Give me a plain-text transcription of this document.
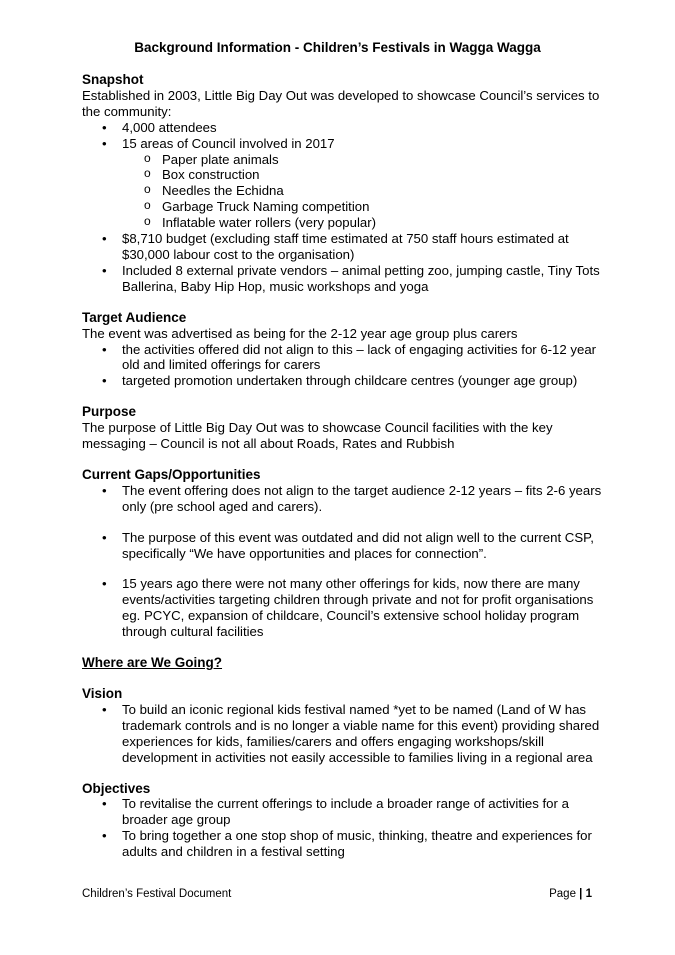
Background Information - Children’s Festivals in Wagga Wagga
Snapshot

Established in 2003, Little Big Day Out was developed to showcase Council’s services to the community:

• 4,000 attendees
• 15 areas of Council involved in 2017
o Paper plate animals
o Box construction
o Needles the Echidna
o Garbage Truck Naming competition
o Inflatable water rollers (very popular)
• $8,710 budget (excluding staff time estimated at 750 staff hours estimated at $30,000 labour cost to the organisation)
• Included 8 external private vendors – animal petting zoo, jumping castle, Tiny Tots Ballerina, Baby Hip Hop, music workshops and yoga
Target Audience

The event was advertised as being for the 2-12 year age group plus carers

• the activities offered did not align to this – lack of engaging activities for 6-12 year old and limited offerings for carers
• targeted promotion undertaken through childcare centres (younger age group)
Purpose

The purpose of Little Big Day Out was to showcase Council facilities with the key messaging – Council is not all about Roads, Rates and Rubbish

Current Gaps/Opportunities
• The event offering does not align to the target audience 2-12 years – fits 2-6 years only (pre school aged and carers).
• The purpose of this event was outdated and did not align well to the current CSP, specifically “We have opportunities and places for connection”.
• 15 years ago there were not many other offerings for kids, now there are many events/activities targeting children through private and not for profit organisations eg. PCYC, expansion of childcare, Council’s extensive school holiday program through cultural facilities
Where are We Going?
Vision
• To build an iconic regional kids festival named *yet to be named (Land of W has trademark controls and is no longer a viable name for this event) providing shared experiences for kids, families/carers and offers engaging workshops/skill development in activities not easily accessible to families living in a regional area
Objectives
• To revitalise the current offerings to include a broader range of activities for a broader age group
• To bring together a one stop shop of music, thinking, theatre and experiences for adults and children in a festival setting
Children’s Festival Document	Page | 1
